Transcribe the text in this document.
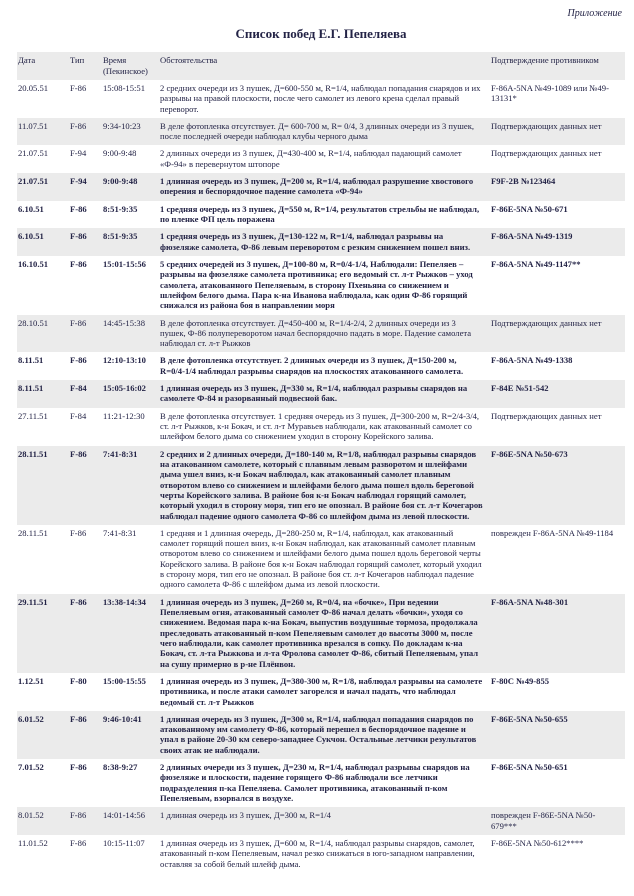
Приложение
Список побед Е.Г. Пепеляева
Дата	Тип	Время (Пекинское)	Обстоятельства	Подтверждение противником
20.05.51	F-86	15:08-15:51	2 средних очереди из 3 пушек, Д=600-550 м, R=1/4, наблюдал попадания снарядов и их разрывы на правой плоскости, после чего самолет из левого крена сделал правый переворот.	F-86A-5NA №49-1089 или №49-13131*
11.07.51	F-86	9:34-10:23	В деле фотопленка отсутствует. Д= 600-700 м, R= 0/4, 3 длинных очереди из 3 пушек, после последней очереди наблюдал клубы черного дыма	Подтверждающих данных нет
21.07.51	F-94	9:00-9:48	2 длинных очереди из 3 пушек, Д=430-400 м, R=1/4, наблюдал падающий самолет «Ф-94» в перевернутом штопоре	Подтверждающих данных нет
21.07.51	F-94	9:00-9:48	1 длинная очередь из 3 пушек, Д=200 м, R=1/4, наблюдал разрушение хвостового оперения и беспорядочное падение самолета «Ф-94»	F9F-2B №123464
6.10.51	F-86	8:51-9:35	1 средняя очередь из 3 пушек, Д=550 м, R=1/4, результатов стрельбы не наблюдал, по пленке ФП цель поражена	F-86E-5NA №50-671
6.10.51	F-86	8:51-9:35	1 средняя очередь из 3 пушек, Д=130-122 м, R=1/4, наблюдал разрывы на фюзеляже самолета, Ф-86 левым переворотом с резким снижением пошел вниз.	F-86A-5NA №49-1319
16.10.51	F-86	15:01-15:56	5 средних очередей из 3 пушек, Д=100-80 м, R=0/4-1/4, Наблюдали: Пепеляев – разрывы на фюзеляже самолета противника; его ведомый ст. л-т Рыжков – уход самолета, атакованного Пепеляевым, в сторону Пхеньяна со снижением и шлейфом белого дыма. Пара к-на Иванова наблюдала, как один Ф-86 горящий снижался из района боя в направлении моря	F-86A-5NA №49-1147**
28.10.51	F-86	14:45-15:38	В деле фотопленка отсутствует. Д=450-400 м, R=1/4-2/4, 2 длинных очереди из 3 пушек, Ф-86 полупереворотом начал беспорядочно падать в море. Падение самолета наблюдал ст. л-т Рыжков	Подтверждающих данных нет
8.11.51	F-86	12:10-13:10	В деле фотопленка отсутствует. 2 длинных очереди из 3 пушек, Д=150-200 м, R=0/4-1/4 наблюдал разрывы снарядов на плоскостях атакованного самолета.	F-86A-5NA №49-1338
8.11.51	F-84	15:05-16:02	1 длинная очередь из 3 пушек, Д=330 м, R=1/4, наблюдал разрывы снарядов на самолете Ф-84 и разорванный подвесной бак.	F-84E №51-542
27.11.51	F-84	11:21-12:30	В деле фотопленка отсутствует. 1 средняя очередь из 3 пушек, Д=300-200 м, R=2/4-3/4, ст. л-т Рыжков, к-н Бокач, и ст. л-т Муравьев наблюдали, как атакованный самолет со шлейфом белого дыма со снижением уходил в сторону Корейского залива.	Подтверждающих данных нет
28.11.51	F-86	7:41-8:31	2 средних и 2 длинных очереди, Д=180-140 м, R=1/8, наблюдал разрывы снарядов на атакованном самолете, который с плавным левым разворотом и шлейфами дыма ушел вниз, к-н Бокач наблюдал, как атакованный самолет плавным отворотом влево со снижением и шлейфами белого дыма пошел вдоль береговой черты Корейского залива. В районе боя к-н Бокач наблюдал горящий самолет, который уходил в сторону моря, тип его не опознал. В районе боя ст. л-т Кочегаров наблюдал падение одного самолета Ф-86 со шлейфом дыма из левой плоскости.	F-86E-5NA №50-673
28.11.51	F-86	7:41-8:31	1 средняя и 1 длинная очередь, Д=280-250 м, R=1/4, наблюдал, как атакованный самолет горящий пошел вниз, к-н Бокач наблюдал, как атакованный самолет плавным отворотом влево со снижением и шлейфами белого дыма пошел вдоль береговой черты Корейского залива. В районе боя к-н Бокач наблюдал горящий самолет, который уходил в сторону моря, тип его не опознал. В районе боя ст. л-т Кочегаров наблюдал падение одного самолета Ф-86 с шлейфом дыма из левой плоскости.	поврежден F-86A-5NA №49-1184
29.11.51	F-86	13:38-14:34	1 длинная очередь из 3 пушек, Д=260 м, R=0/4, на «бочке», При ведении Пепеляевым огня, атакованный самолет Ф-86 начал делать «бочки», уходя со снижением. Ведомая пара к-на Бокач, выпустив воздушные тормоза, продолжала преследовать атакованный п-ком Пепеляевым самолет до высоты 3000 м, после чего наблюдали, как самолет противника врезался в сопку. По докладам к-на Бокач, ст. л-та Рыжкова и л-та Фролова самолет Ф-86, сбитый Пепеляевым, упал на сушу примерно в р-не Плёнвон.	F-86A-5NA №48-301
1.12.51	F-80	15:00-15:55	1 длинная очередь из 3 пушек, Д=380-300 м, R=1/8, наблюдал разрывы на самолете противника, и после атаки самолет загорелся и начал падать, что наблюдал ведомый ст. л-т Рыжков	F-80C №49-855
6.01.52	F-86	9:46-10:41	1 длинная очередь из 3 пушек, Д=300 м, R=1/4, наблюдал попадания снарядов по атакованному им самолету Ф-86, который перешел в беспорядочное падение и упал в районе 20-30 км северо-западнее Сукчон. Остальные летчики результатов своих атак не наблюдали.	F-86E-5NA №50-655
7.01.52	F-86	8:38-9:27	2 длинных очереди из 3 пушек, Д=230 м, R=1/4, наблюдал разрывы снарядов на фюзеляже и плоскости, падение горящего Ф-86 наблюдали все летчики подразделения п-ка Пепеляева. Самолет противника, атакованный п-ком Пепеляевым, взорвался в воздухе.	F-86E-5NA №50-651
8.01.52	F-86	14:01-14:56	1 длинная очередь из 3 пушек, Д=300 м, R=1/4	поврежден F-86E-5NA №50-679***
11.01.52	F-86	10:15-11:07	1 длинная очередь из 3 пушек, Д=600 м, R=1/4, наблюдал разрывы снарядов, самолет, атакованный п-ком Пепеляевым, начал резко снижаться в юго-западном направлении, оставляя за собой белый шлейф дыма.	F-86E-5NA №50-612****
